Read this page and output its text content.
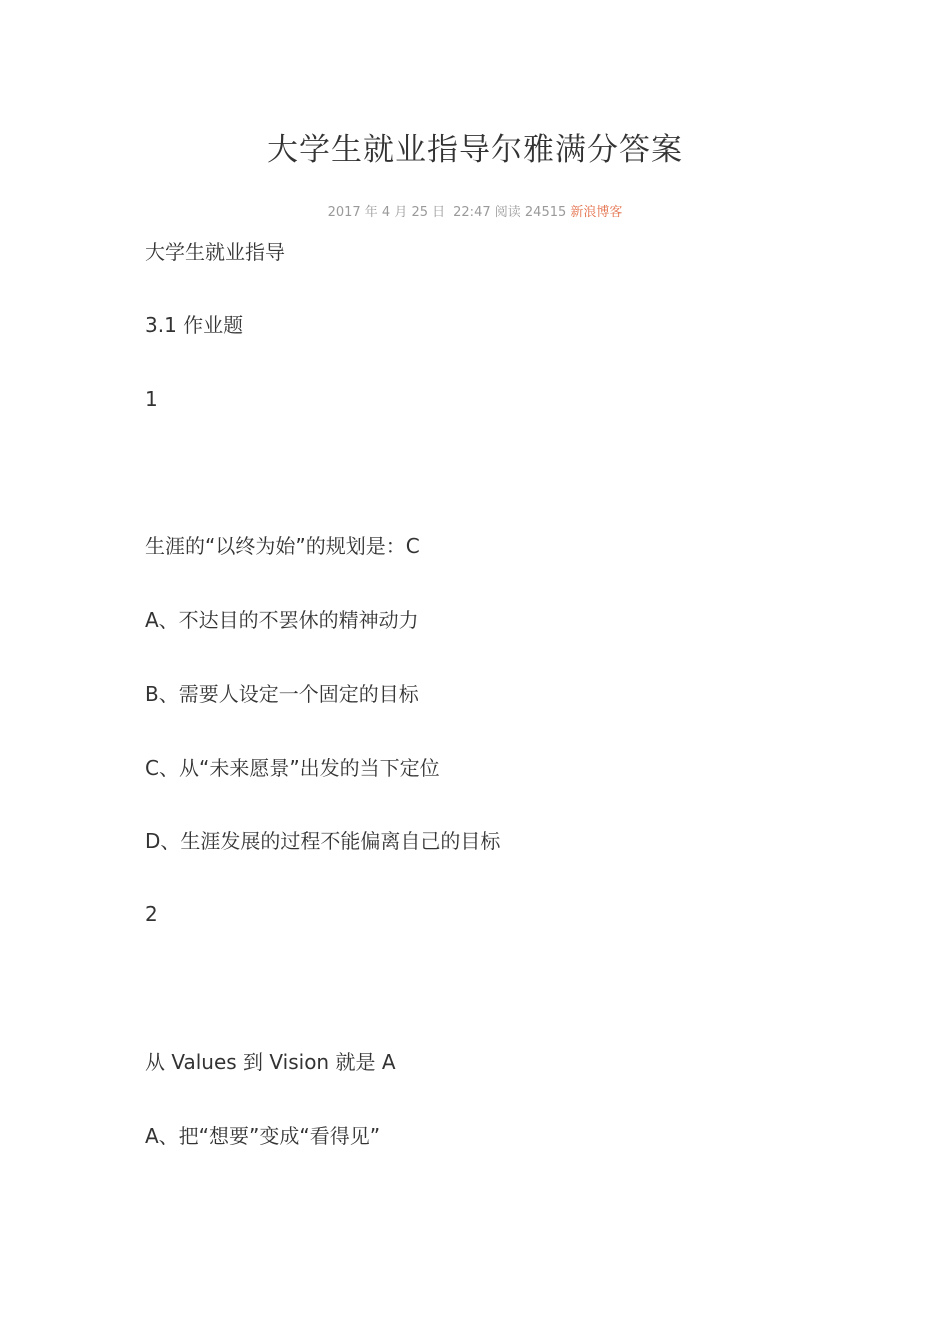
大学生就业指导尔雅满分答案
2017 年 4 月 25 日 22:47 阅读 24515 新浪博客
大学生就业指导
3.1 作业题
1
生涯的“以终为始”的规划是：C
A、不达目的不罢休的精神动力
B、需要人设定一个固定的目标
C、从“未来愿景”出发的当下定位
D、生涯发展的过程不能偏离自己的目标
2
从 Values 到 Vision 就是 A
A、把“想要”变成“看得见”
